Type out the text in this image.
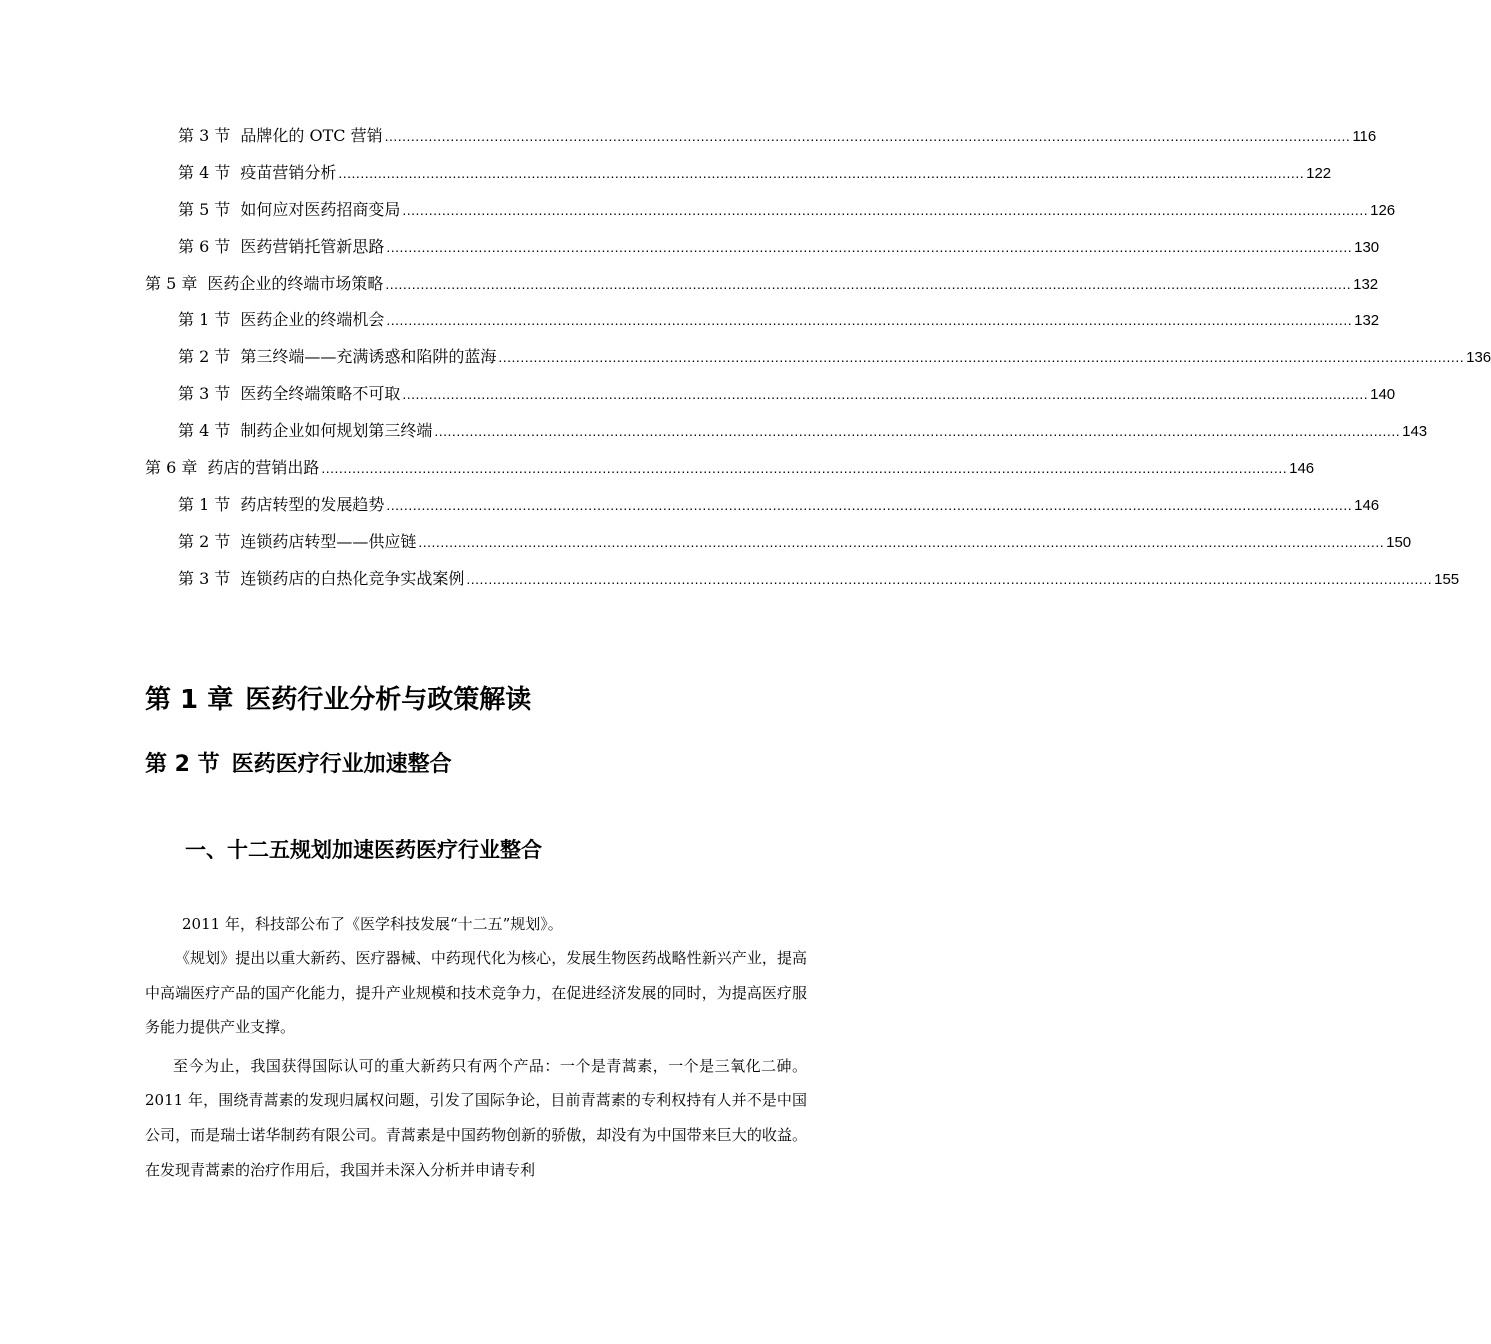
第 3 节 品牌化的 OTC 营销 ............................................................................................................................................................................................................................ 116
第 4 节 疫苗营销分析 ............................................................................................................................................................................................................................ 122
第 5 节 如何应对医药招商变局 ............................................................................................................................................................................................................................ 126
第 6 节 医药营销托管新思路 ............................................................................................................................................................................................................................ 130
第 5 章 医药企业的终端市场策略 ............................................................................................................................................................................................................................ 132
第 1 节 医药企业的终端机会 ............................................................................................................................................................................................................................ 132
第 2 节 第三终端——充满诱惑和陷阱的蓝海 ............................................................................................................................................................................................................................ 136
第 3 节 医药全终端策略不可取 ............................................................................................................................................................................................................................ 140
第 4 节 制药企业如何规划第三终端 ............................................................................................................................................................................................................................ 143
第 6 章 药店的营销出路 ............................................................................................................................................................................................................................ 146
第 1 节 药店转型的发展趋势 ............................................................................................................................................................................................................................ 146
第 2 节 连锁药店转型——供应链 ............................................................................................................................................................................................................................ 150
第 3 节 连锁药店的白热化竞争实战案例 ............................................................................................................................................................................................................................ 155
第 1 章 医药行业分析与政策解读
第 2 节 医药医疗行业加速整合
一、十二五规划加速医药医疗行业整合

2011 年，科技部公布了《医学科技发展“十二五”规划》。

《规划》提出以重大新药、医疗器械、中药现代化为核心，发展生物医药战略性新兴产业，提高中高端医疗产品的国产化能力，提升产业规模和技术竞争力，在促进经济发展的同时，为提高医疗服务能力提供产业支撑。

至今为止，我国获得国际认可的重大新药只有两个产品：一个是青蒿素，一个是三氧化二砷。2011 年，围绕青蒿素的发现归属权问题，引发了国际争论，目前青蒿素的专利权持有人并不是中国公司，而是瑞士诺华制药有限公司。青蒿素是中国药物创新的骄傲，却没有为中国带来巨大的收益。在发现青蒿素的治疗作用后，我国并未深入分析并申请专利
